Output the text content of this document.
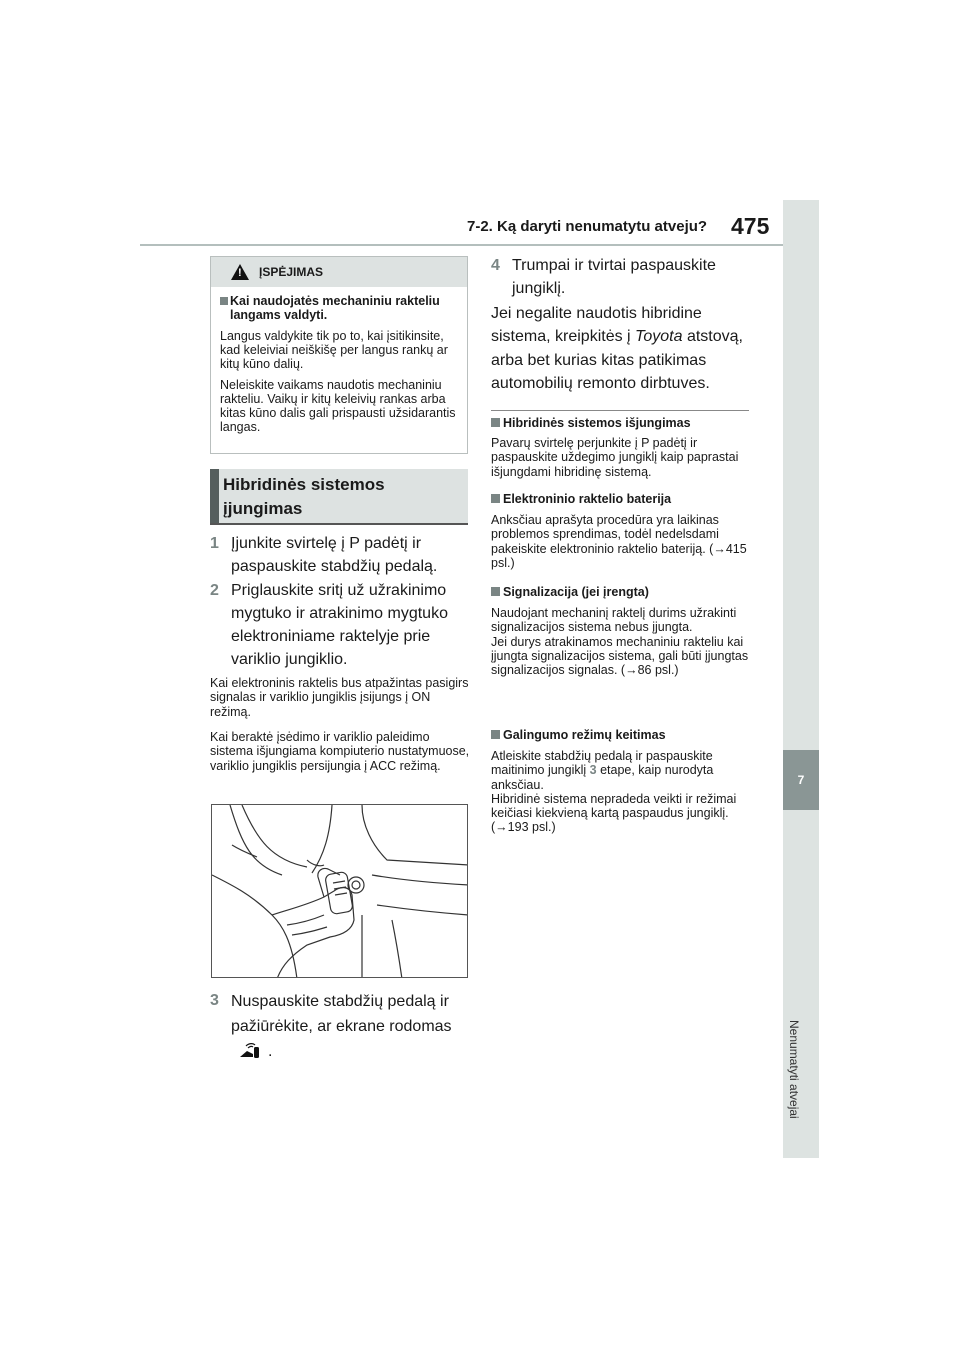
7-2. Ką daryti nenumatytu atveju? 475
7
Nenumatyti atvejai
!
ĮSPĖJIMAS
Kai naudojatės mechaniniu rakteliu langams valdyti.
Langus valdykite tik po to, kai įsitikinsite, kad keleiviai neiškišę per langus rankų ar kitų kūno dalių.
Neleiskite vaikams naudotis mechaniniu rakteliu. Vaikų ir kitų keleivių rankas arba kitas kūno dalis gali prispausti užsidarantis langas.
Hibridinės sistemos įjungimas
1 Įjunkite svirtelę į P padėtį ir paspauskite stabdžių pedalą.
2 Priglauskite sritį už užrakinimo mygtuko ir atrakinimo mygtuko elektroniniame raktelyje prie variklio jungiklio.
Kai elektroninis raktelis bus atpažintas pasigirs signalas ir variklio jungiklis įsijungs į ON režimą.
Kai beraktė įsėdimo ir variklio paleidimo sistema išjungiama kompiuterio nustatymuose, variklio jungiklis persijungia į ACC režimą.
3 Nuspauskite stabdžių pedalą ir pažiūrėkite, ar ekrane rodomas
.
4 Trumpai ir tvirtai paspauskite jungiklį.
Jei negalite naudotis hibridine sistema, kreipkitės į Toyota atstovą, arba bet kurias kitas patikimas automobilių remonto dirbtuves.
Hibridinės sistemos išjungimas
Pavarų svirtelę perjunkite į P padėtį ir paspauskite uždegimo jungiklį kaip paprastai išjungdami hibridinę sistemą.
Elektroninio raktelio baterija
Anksčiau aprašyta procedūra yra laikinas problemos sprendimas, todėl nedelsdami pakeiskite elektroninio raktelio bateriją. (→415 psl.)
Signalizacija (jei įrengta)
Naudojant mechaninį raktelį durims užrakinti signalizacijos sistema nebus įjungta.
Jei durys atrakinamos mechaniniu rakteliu kai įjungta signalizacijos sistema, gali būti įjungtas signalizacijos signalas. (→86 psl.)
Galingumo režimų keitimas
Atleiskite stabdžių pedalą ir paspauskite maitinimo jungiklį 3 etape, kaip nurodyta anksčiau.
Hibridinė sistema nepradeda veikti ir režimai keičiasi kiekvieną kartą paspaudus jungiklį. (→193 psl.)
